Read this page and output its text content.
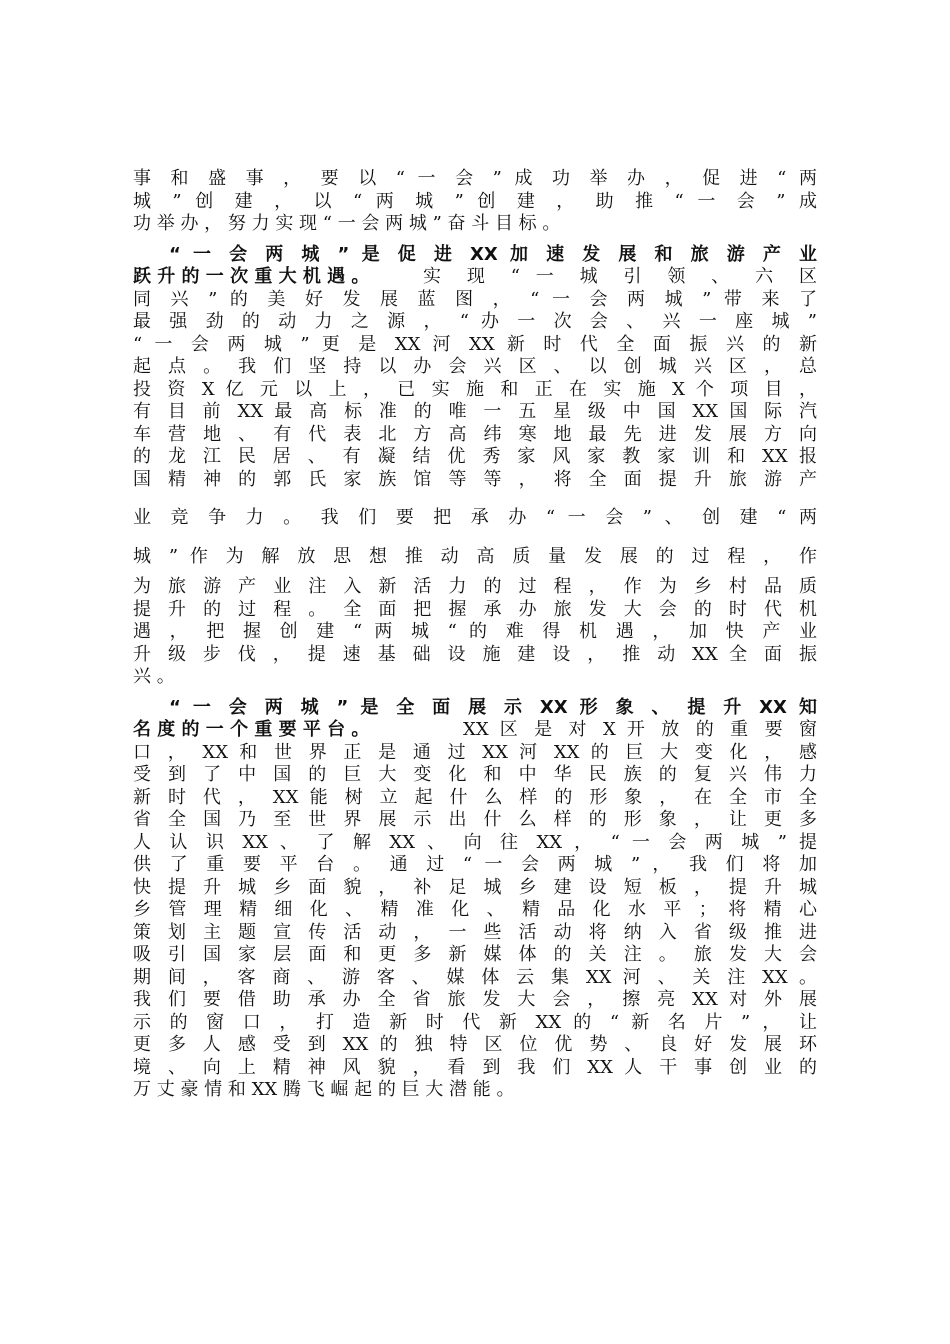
事 和 盛 事 ， 要 以 “ 一 会 ” 成 功 举 办 ， 促 进 “ 两
城 ” 创 建 ， 以 “ 两 城 ” 创 建 ， 助 推 “ 一 会 ” 成
功 举 办 ， 努 力 实 现 “ 一 会 两 城 ” 奋 斗 目 标 。
“ 一 会 两 城 ” 是 促 进 XX 加 速 发 展 和 旅 游 产 业
跃 升 的 一 次 重 大 机 遇 。	实 现 “ 一 城 引 领 、 六 区
同 兴 ” 的 美 好 发 展 蓝 图 ， “ 一 会 两 城 ” 带 来 了
最 强 劲 的 动 力 之 源 ， “ 办 一 次 会 、 兴 一 座 城 ”
“ 一 会 两 城 ” 更 是 XX 河 XX 新 时 代 全 面 振 兴 的 新
起 点 。 我 们 坚 持 以 办 会 兴 区 、 以 创 城 兴 区 ， 总
投 资 X 亿 元 以 上 ， 已 实 施 和 正 在 实 施 X 个 项 目 ，
有 目 前 XX 最 高 标 准 的 唯 一 五 星 级 中 国 XX 国 际 汽
车 营 地 、 有 代 表 北 方 高 纬 寒 地 最 先 进 发 展 方 向
的 龙 江 民 居 、 有 凝 结 优 秀 家 风 家 教 家 训 和 XX 报
国 精 神 的 郭 氏 家 族 馆 等 等 ， 将 全 面 提 升 旅 游 产
业 竞 争 力 。 我 们 要 把 承 办 “ 一 会 ” 、 创 建 “ 两
城 ” 作 为 解 放 思 想 推 动 高 质 量 发 展 的 过 程 ， 作
为 旅 游 产 业 注 入 新 活 力 的 过 程 ， 作 为 乡 村 品 质
提 升 的 过 程 。 全 面 把 握 承 办 旅 发 大 会 的 时 代 机
遇 ， 把 握 创 建 “ 两 城 “ 的 难 得 机 遇 ， 加 快 产 业
升 级 步 伐 ， 提 速 基 础 设 施 建 设 ， 推 动 XX 全 面 振
兴 。
“ 一 会 两 城 ” 是 全 面 展 示 XX 形 象 、 提 升 XX 知
名 度 的 一 个 重 要 平 台 。	XX 区 是 对 X 开 放 的 重 要 窗
口 ， XX 和 世 界 正 是 通 过 XX 河 XX 的 巨 大 变 化 ， 感
受 到 了 中 国 的 巨 大 变 化 和 中 华 民 族 的 复 兴 伟 力
新 时 代 ， XX 能 树 立 起 什 么 样 的 形 象 ， 在 全 市 全
省 全 国 乃 至 世 界 展 示 出 什 么 样 的 形 象 ， 让 更 多
人 认 识 XX 、 了 解 XX 、 向 往 XX ， “ 一 会 两 城 ” 提
供 了 重 要 平 台 。 通 过 “ 一 会 两 城 ” ， 我 们 将 加
快 提 升 城 乡 面 貌 ， 补 足 城 乡 建 设 短 板 ， 提 升 城
乡 管 理 精 细 化 、 精 准 化 、 精 品 化 水 平 ； 将 精 心
策 划 主 题 宣 传 活 动 ， 一 些 活 动 将 纳 入 省 级 推 进
吸 引 国 家 层 面 和 更 多 新 媒 体 的 关 注 。 旅 发 大 会
期 间 ， 客 商 、 游 客 、 媒 体 云 集 XX 河 、 关 注 XX 。
我 们 要 借 助 承 办 全 省 旅 发 大 会 ， 擦 亮 XX 对 外 展
示 的 窗 口 ， 打 造 新 时 代 新 XX 的 “ 新 名 片 ” ， 让
更 多 人 感 受 到 XX 的 独 特 区 位 优 势 、 良 好 发 展 环
境 、 向 上 精 神 风 貌 ， 看 到 我 们 XX 人 干 事 创 业 的
万 丈 豪 情 和 XX 腾 飞 崛 起 的 巨 大 潜 能 。
